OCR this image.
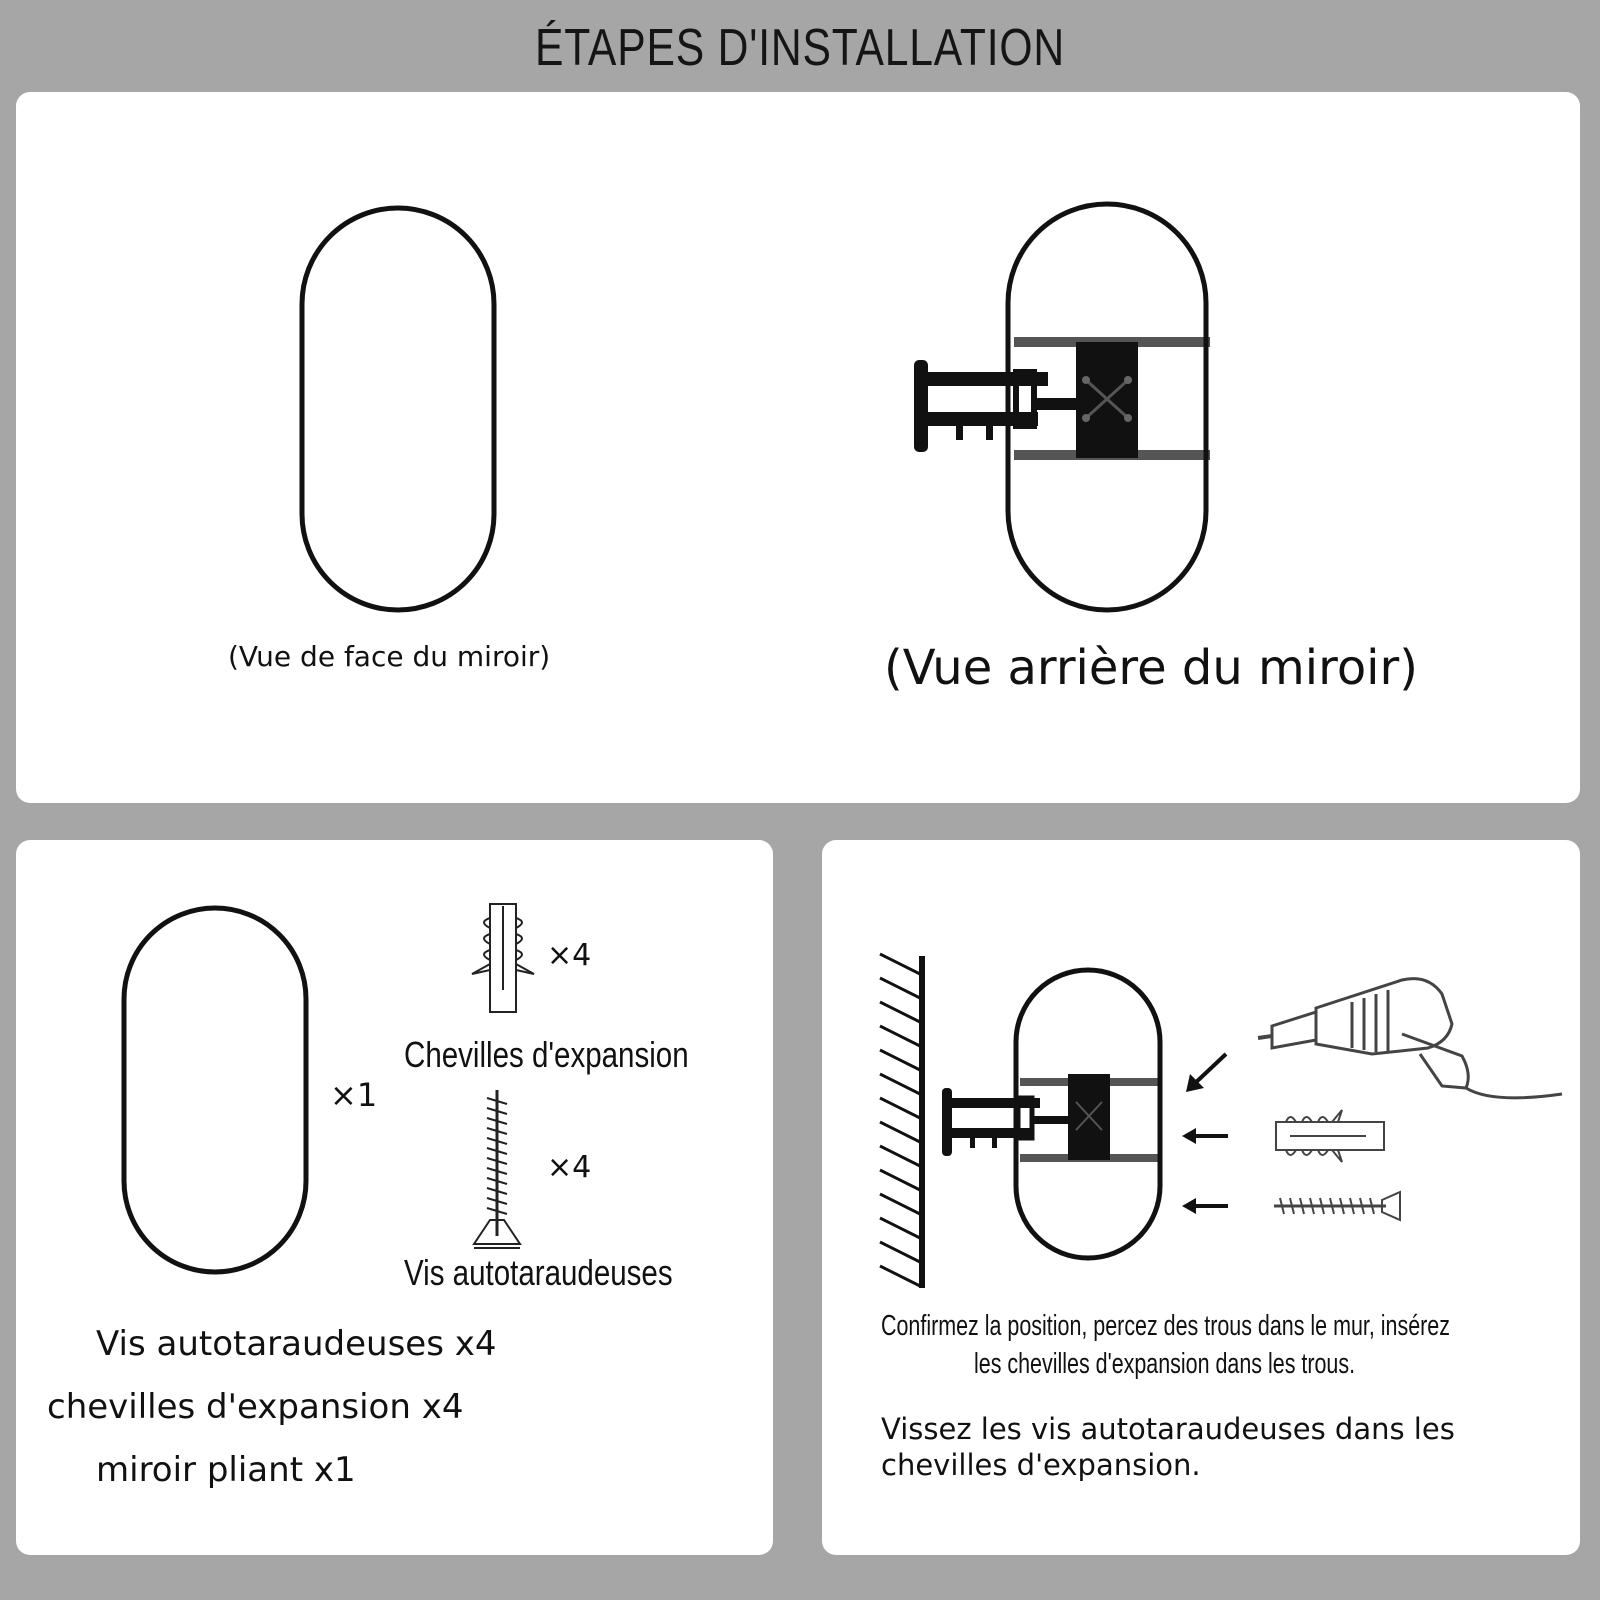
ÉTAPES D'INSTALLATION
(Vue de face du miroir)	(Vue arrière du miroir)
×1
×4
Chevilles d'expansion
×4
Vis autotaraudeuses
Vis autotaraudeuses x4
chevilles d'expansion x4
miroir pliant x1
Confirmez la position, percez des trous dans le mur, insérez
les chevilles d'expansion dans les trous.
Vissez les vis autotaraudeuses dans les
chevilles d'expansion.
